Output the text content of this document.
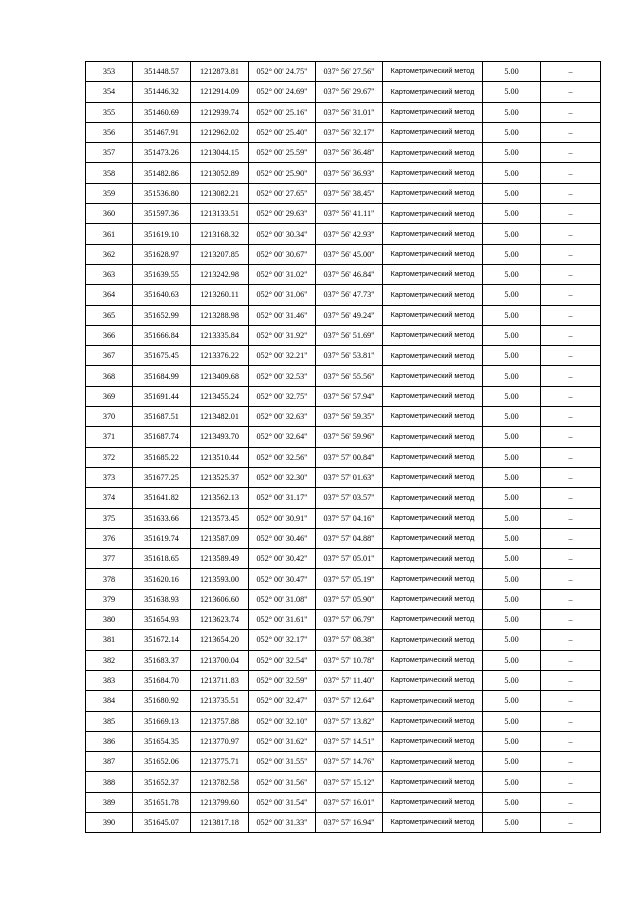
353	351448.57	1212873.81	052° 00' 24.75"	037° 56' 27.56"	Картометрический метод	5.00	–
354	351446.32	1212914.09	052° 00' 24.69"	037° 56' 29.67"	Картометрический метод	5.00	–
355	351460.69	1212939.74	052° 00' 25.16"	037° 56' 31.01"	Картометрический метод	5.00	–
356	351467.91	1212962.02	052° 00' 25.40"	037° 56' 32.17"	Картометрический метод	5.00	–
357	351473.26	1213044.15	052° 00' 25.59"	037° 56' 36.48"	Картометрический метод	5.00	–
358	351482.86	1213052.89	052° 00' 25.90"	037° 56' 36.93"	Картометрический метод	5.00	–
359	351536.80	1213082.21	052° 00' 27.65"	037° 56' 38.45"	Картометрический метод	5.00	–
360	351597.36	1213133.51	052° 00' 29.63"	037° 56' 41.11"	Картометрический метод	5.00	–
361	351619.10	1213168.32	052° 00' 30.34"	037° 56' 42.93"	Картометрический метод	5.00	–
362	351628.97	1213207.85	052° 00' 30.67"	037° 56' 45.00"	Картометрический метод	5.00	–
363	351639.55	1213242.98	052° 00' 31.02"	037° 56' 46.84"	Картометрический метод	5.00	–
364	351640.63	1213260.11	052° 00' 31.06"	037° 56' 47.73"	Картометрический метод	5.00	–
365	351652.99	1213288.98	052° 00' 31.46"	037° 56' 49.24"	Картометрический метод	5.00	–
366	351666.84	1213335.84	052° 00' 31.92"	037° 56' 51.69"	Картометрический метод	5.00	–
367	351675.45	1213376.22	052° 00' 32.21"	037° 56' 53.81"	Картометрический метод	5.00	–
368	351684.99	1213409.68	052° 00' 32.53"	037° 56' 55.56"	Картометрический метод	5.00	–
369	351691.44	1213455.24	052° 00' 32.75"	037° 56' 57.94"	Картометрический метод	5.00	–
370	351687.51	1213482.01	052° 00' 32.63"	037° 56' 59.35"	Картометрический метод	5.00	–
371	351687.74	1213493.70	052° 00' 32.64"	037° 56' 59.96"	Картометрический метод	5.00	–
372	351685.22	1213510.44	052° 00' 32.56"	037° 57' 00.84"	Картометрический метод	5.00	–
373	351677.25	1213525.37	052° 00' 32.30"	037° 57' 01.63"	Картометрический метод	5.00	–
374	351641.82	1213562.13	052° 00' 31.17"	037° 57' 03.57"	Картометрический метод	5.00	–
375	351633.66	1213573.45	052° 00' 30.91"	037° 57' 04.16"	Картометрический метод	5.00	–
376	351619.74	1213587.09	052° 00' 30.46"	037° 57' 04.88"	Картометрический метод	5.00	–
377	351618.65	1213589.49	052° 00' 30.42"	037° 57' 05.01"	Картометрический метод	5.00	–
378	351620.16	1213593.00	052° 00' 30.47"	037° 57' 05.19"	Картометрический метод	5.00	–
379	351638.93	1213606.60	052° 00' 31.08"	037° 57' 05.90"	Картометрический метод	5.00	–
380	351654.93	1213623.74	052° 00' 31.61"	037° 57' 06.79"	Картометрический метод	5.00	–
381	351672.14	1213654.20	052° 00' 32.17"	037° 57' 08.38"	Картометрический метод	5.00	–
382	351683.37	1213700.04	052° 00' 32.54"	037° 57' 10.78"	Картометрический метод	5.00	–
383	351684.70	1213711.83	052° 00' 32.59"	037° 57' 11.40"	Картометрический метод	5.00	–
384	351680.92	1213735.51	052° 00' 32.47"	037° 57' 12.64"	Картометрический метод	5.00	–
385	351669.13	1213757.88	052° 00' 32.10"	037° 57' 13.82"	Картометрический метод	5.00	–
386	351654.35	1213770.97	052° 00' 31.62"	037° 57' 14.51"	Картометрический метод	5.00	–
387	351652.06	1213775.71	052° 00' 31.55"	037° 57' 14.76"	Картометрический метод	5.00	–
388	351652.37	1213782.58	052° 00' 31.56"	037° 57' 15.12"	Картометрический метод	5.00	–
389	351651.78	1213799.60	052° 00' 31.54"	037° 57' 16.01"	Картометрический метод	5.00	–
390	351645.07	1213817.18	052° 00' 31.33"	037° 57' 16.94"	Картометрический метод	5.00	–
